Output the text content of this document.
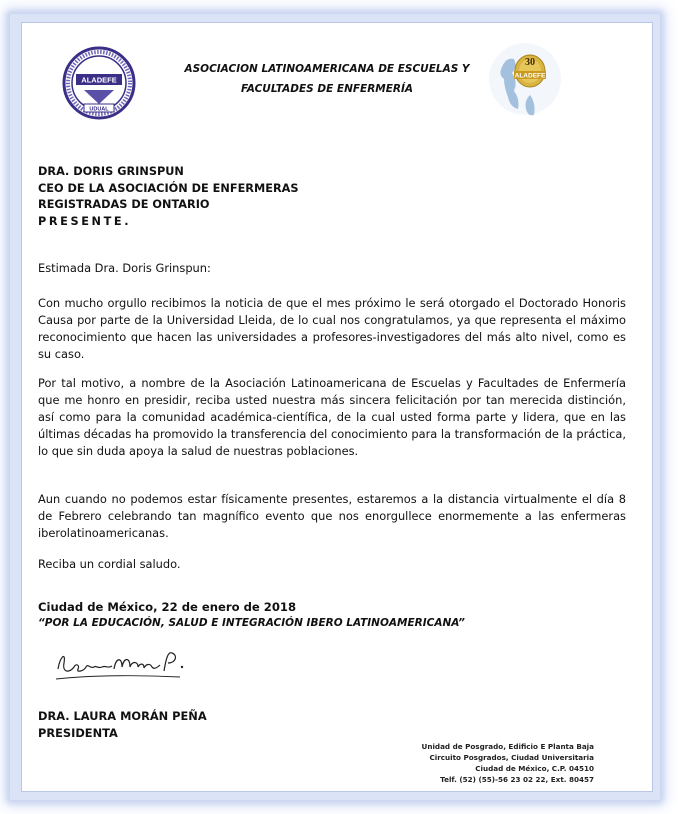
ALADEFE
UDUAL
ASOCIACION LATINOAMERICANA DE ESCUELAS Y
FACULTADES DE ENFERMERÍA
30
ALADEFE
DRA. DORIS GRINSPUN
CEO DE LA ASOCIACIÓN DE ENFERMERAS
REGISTRADAS DE ONTARIO
PRESENTE.
Estimada Dra. Doris Grinspun:
Con mucho orgullo recibimos la noticia de que el mes próximo le será otorgado el Doctorado Honoris Causa por parte de la Universidad Lleida, de lo cual nos congratulamos, ya que representa el máximo reconocimiento que hacen las universidades a profesores-investigadores del más alto nivel, como es su caso.
Por tal motivo, a nombre de la Asociación Latinoamericana de Escuelas y Facultades de Enfermería que me honro en presidir, reciba usted nuestra más sincera felicitación por tan merecida distinción, así como para la comunidad académica-científica, de la cual usted forma parte y lidera, que en las últimas décadas ha promovido la transferencia del conocimiento para la transformación de la práctica, lo que sin duda apoya la salud de nuestras poblaciones.
Aun cuando no podemos estar físicamente presentes, estaremos a la distancia virtualmente el día 8 de Febrero celebrando tan magnífico evento que nos enorgullece enormemente a las enfermeras iberolatinoamericanas.
Reciba un cordial saludo.
Ciudad de México, 22 de enero de 2018
“POR LA EDUCACIÓN, SALUD E INTEGRACIÓN IBERO LATINOAMERICANA”
DRA. LAURA MORÁN PEÑA
PRESIDENTA
Unidad de Posgrado, Edificio E Planta Baja
Circuito Posgrados, Ciudad Universitaria
Ciudad de México, C.P. 04510
Telf. (52) (55)-56 23 02 22, Ext. 80457
